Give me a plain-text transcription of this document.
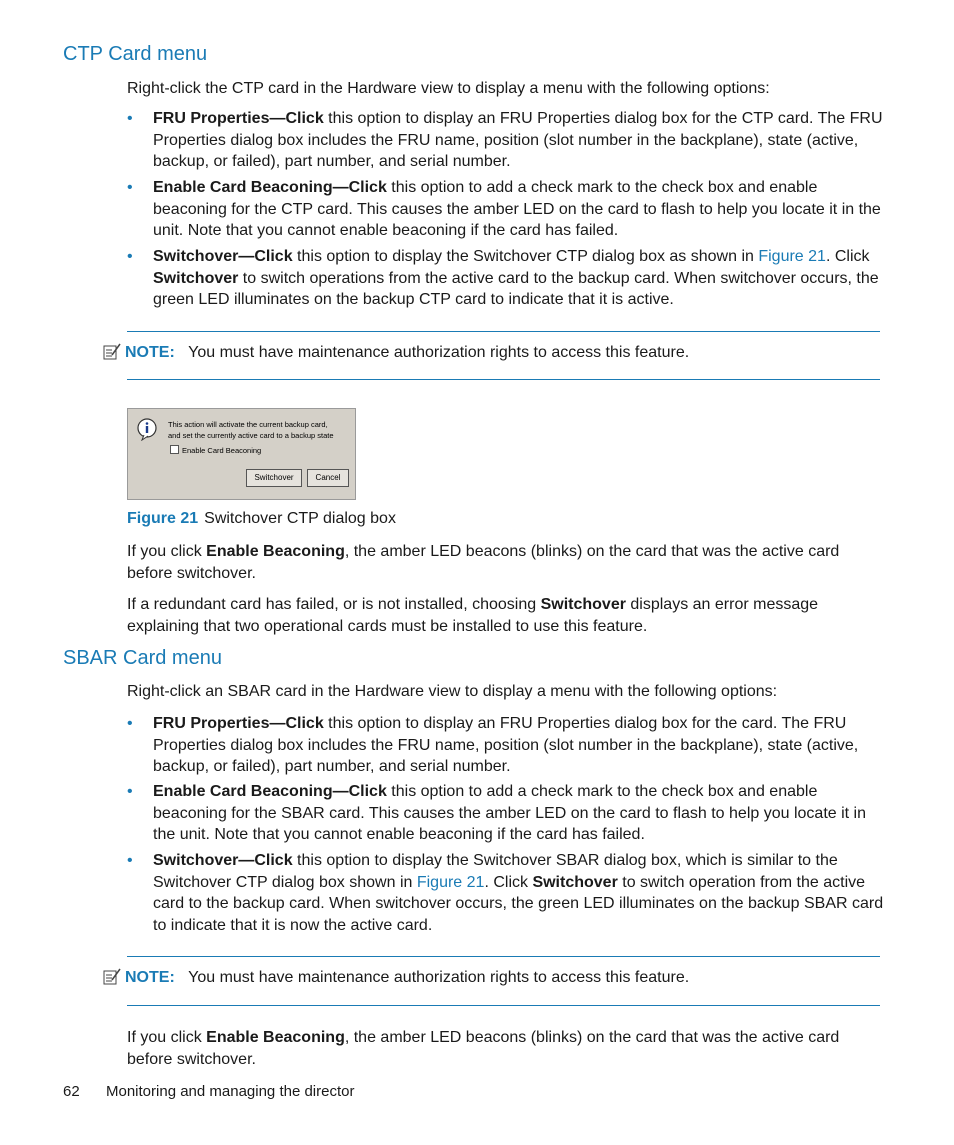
CTP Card menu

Right-click the CTP card in the Hardware view to display a menu with the following options:

• FRU Properties—Click this option to display an FRU Properties dialog box for the CTP card. The FRU Properties dialog box includes the FRU name, position (slot number in the backplane), state (active, backup, or failed), part number, and serial number.
• Enable Card Beaconing—Click this option to add a check mark to the check box and enable beaconing for the CTP card. This causes the amber LED on the card to flash to help you locate it in the unit. Note that you cannot enable beaconing if the card has failed.
• Switchover—Click this option to display the Switchover CTP dialog box as shown in Figure 21. Click Switchover to switch operations from the active card to the backup card. When switchover occurs, the green LED illuminates on the backup CTP card to indicate that it is active.
NOTE: You must have maintenance authorization rights to access this feature.
This action will activate the current backup card,
and set the currently active card to a backup state
Enable Card Beaconing
Switchover	Cancel
Figure 21 Switchover CTP dialog box

If you click Enable Beaconing, the amber LED beacons (blinks) on the card that was the active card before switchover.

If a redundant card has failed, or is not installed, choosing Switchover displays an error message explaining that two operational cards must be installed to use this feature.

SBAR Card menu

Right-click an SBAR card in the Hardware view to display a menu with the following options:

• FRU Properties—Click this option to display an FRU Properties dialog box for the card. The FRU Properties dialog box includes the FRU name, position (slot number in the backplane), state (active, backup, or failed), part number, and serial number.
• Enable Card Beaconing—Click this option to add a check mark to the check box and enable beaconing for the SBAR card. This causes the amber LED on the card to flash to help you locate it in the unit. Note that you cannot enable beaconing if the card has failed.
• Switchover—Click this option to display the Switchover SBAR dialog box, which is similar to the Switchover CTP dialog box shown in Figure 21. Click Switchover to switch operation from the active card to the backup card. When switchover occurs, the green LED illuminates on the backup SBAR card to indicate that it is now the active card.
NOTE: You must have maintenance authorization rights to access this feature.

If you click Enable Beaconing, the amber LED beacons (blinks) on the card that was the active card before switchover.

62 Monitoring and managing the director
